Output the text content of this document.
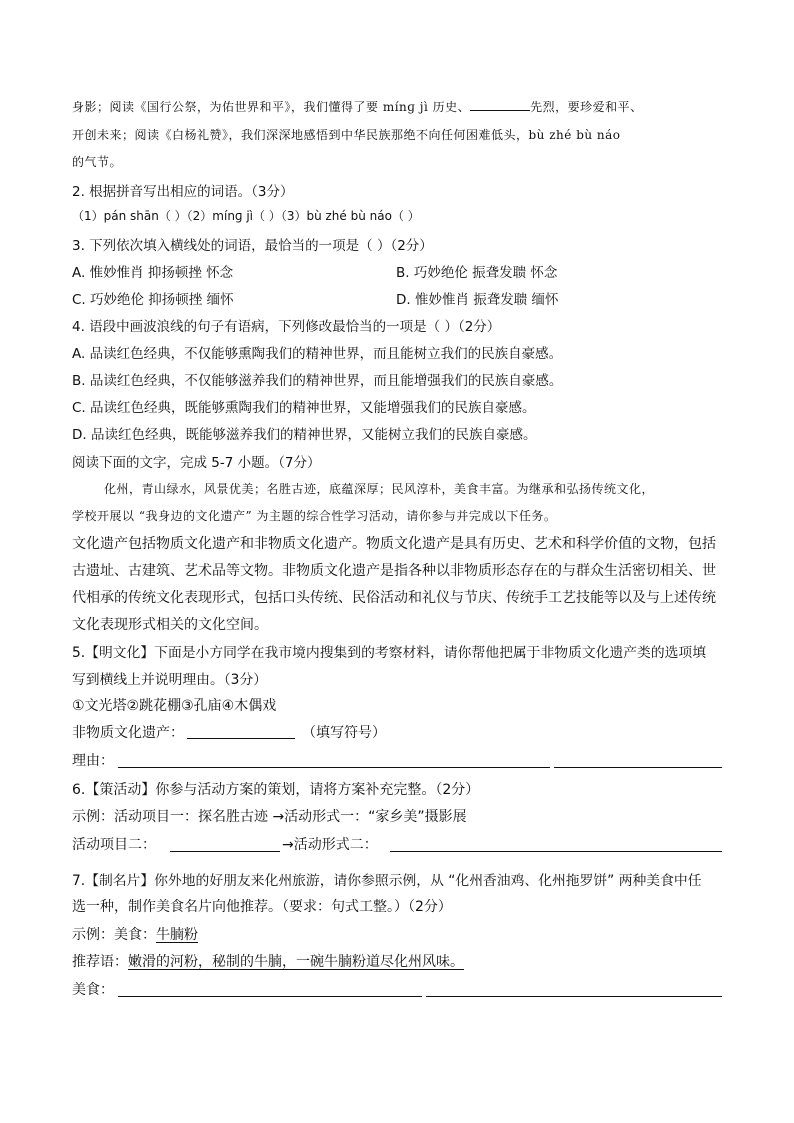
身影；阅读《国行公祭，为佑世界和平》，我们懂得了要 mínɡ jì 历史、	先烈，要珍爱和平、
开创未来；阅读《白杨礼赞》，我们深深地感悟到中华民族那绝不向任何困难低头，bù zhé bù náo
的气节。
2. 根据拼音写出相应的词语。（3分）
（1）pán shān（ ）（2）mínɡ jì（ ）（3）bù zhé bù náo（ ）
3. 下列依次填入横线处的词语，最恰当的一项是（ ）（2分）
A. 惟妙惟肖 抑扬顿挫 怀念	B. 巧妙绝伦 振聋发聩 怀念
C. 巧妙绝伦 抑扬顿挫 缅怀	D. 惟妙惟肖 振聋发聩 缅怀
4. 语段中画波浪线的句子有语病，下列修改最恰当的一项是（ ）（2分）
A. 品读红色经典，不仅能够熏陶我们的精神世界，而且能树立我们的民族自豪感。
B. 品读红色经典，不仅能够滋养我们的精神世界，而且能增强我们的民族自豪感。
C. 品读红色经典，既能够熏陶我们的精神世界，又能增强我们的民族自豪感。
D. 品读红色经典，既能够滋养我们的精神世界，又能树立我们的民族自豪感。
阅读下面的文字，完成 5-7 小题。（7分）
化州，青山绿水，风景优美；名胜古迹，底蕴深厚；民风淳朴，美食丰富。为继承和弘扬传统文化，
学校开展以 “我身边的文化遗产” 为主题的综合性学习活动，请你参与并完成以下任务。
文化遗产包括物质文化遗产和非物质文化遗产。物质文化遗产是具有历史、艺术和科学价值的文物，包括
古遗址、古建筑、艺术品等文物。非物质文化遗产是指各种以非物质形态存在的与群众生活密切相关、世
代相承的传统文化表现形式，包括口头传统、民俗活动和礼仪与节庆、传统手工艺技能等以及与上述传统
文化表现形式相关的文化空间。
5.【明文化】下面是小方同学在我市境内搜集到的考察材料，请你帮他把属于非物质文化遗产类的选项填
写到横线上并说明理由。（3分）
①文光塔②跳花棚③孔庙④木偶戏
非物质文化遗产：	（填写符号）
理由：
6.【策活动】你参与活动方案的策划，请将方案补充完整。（2分）
示例：活动项目一：探名胜古迹 →活动形式一：“家乡美”摄影展
活动项目二：	→活动形式二：
7.【制名片】你外地的好朋友来化州旅游，请你参照示例，从 “化州香油鸡、化州拖罗饼” 两种美食中任
选一种，制作美食名片向他推荐。（要求：句式工整。）（2分）
示例：美食：牛腩粉
推荐语：嫩滑的河粉，秘制的牛腩，一碗牛腩粉道尽化州风味。
美食：
